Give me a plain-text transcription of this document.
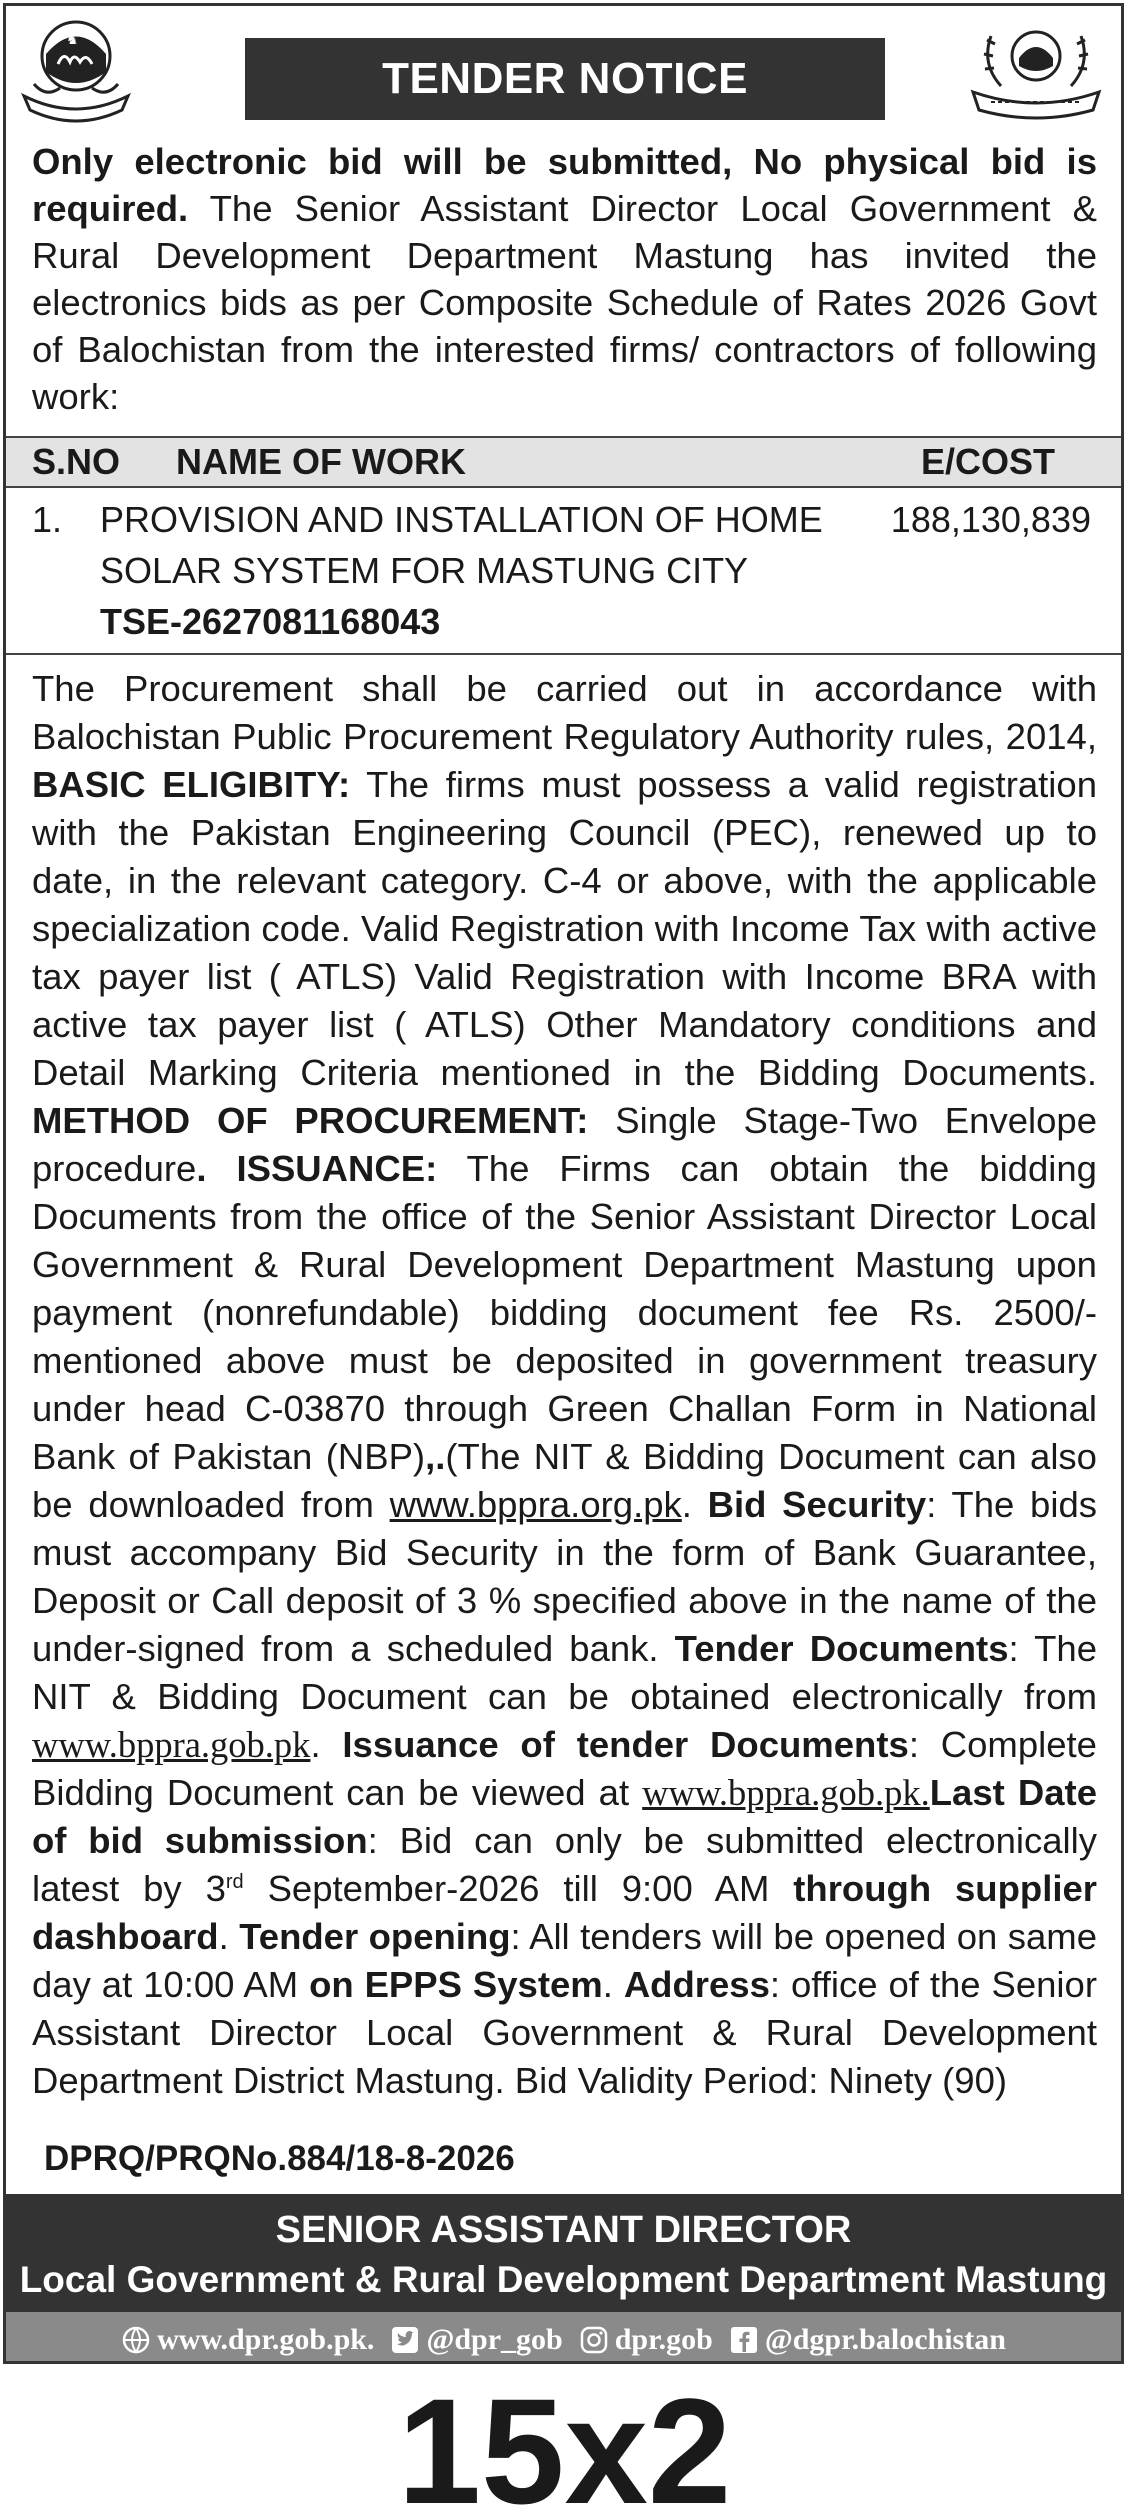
♞
TENDER NOTICE
Only electronic bid will be submitted, No physical bid is required. The Senior Assistant Director Local Government & Rural Development Department Mastung has invited the electronics bids as per Composite Schedule of Rates 2026 Govt of Balochistan from the interested firms/ contractors of following work:
S.NO	NAME OF WORK	E/COST
1. PROVISION AND INSTALLATION OF HOME
SOLAR SYSTEM FOR MASTUNG CITY
TSE-2627081168043
188,130,839
The Procurement shall be carried out in accordance with Balochistan Public Procurement Regulatory Authority rules, 2014, BASIC ELIGIBITY: The firms must possess a valid registration with the Pakistan Engineering Council (PEC), renewed up to date, in the relevant category. C-4 or above, with the applicable specialization code. Valid Registration with Income Tax with active tax payer list ( ATLS) Valid Registration with Income BRA with active tax payer list ( ATLS) Other Mandatory conditions and Detail Marking Criteria mentioned in the Bidding Documents. METHOD OF PROCUREMENT: Single Stage-Two Envelope procedure. ISSUANCE: The Firms can obtain the bidding Documents from the office of the Senior Assistant Director Local Government & Rural Development Department Mastung upon payment (nonrefundable) bidding document fee Rs. 2500/- mentioned above must be deposited in government treasury under head C-03870 through Green Challan Form in National Bank of Pakistan (NBP),.(The NIT & Bidding Document can also be downloaded from www.bppra.org.pk. Bid Security: The bids must accompany Bid Security in the form of Bank Guarantee, Deposit or Call deposit of 3 % specified above in the name of the under-signed from a scheduled bank. Tender Documents: The NIT & Bidding Document can be obtained electronically from www.bppra.gob.pk. Issuance of tender Documents: Complete Bidding Document can be viewed at www.bppra.gob.pk.Last Date of bid submission: Bid can only be submitted electronically latest by 3rd September-2026 till 9:00 AM through supplier dashboard. Tender opening: All tenders will be opened on same day at 10:00 AM on EPPS System. Address: office of the Senior Assistant Director Local Government & Rural Development Department District Mastung. Bid Validity Period: Ninety (90)
DPRQ/PRQNo.884/18-8-2026
SENIOR ASSISTANT DIRECTOR
Local Government & Rural Development Department Mastung
www.dpr.gob.pk. @dpr_gob dpr.gob @dgpr.balochistan
15x2
